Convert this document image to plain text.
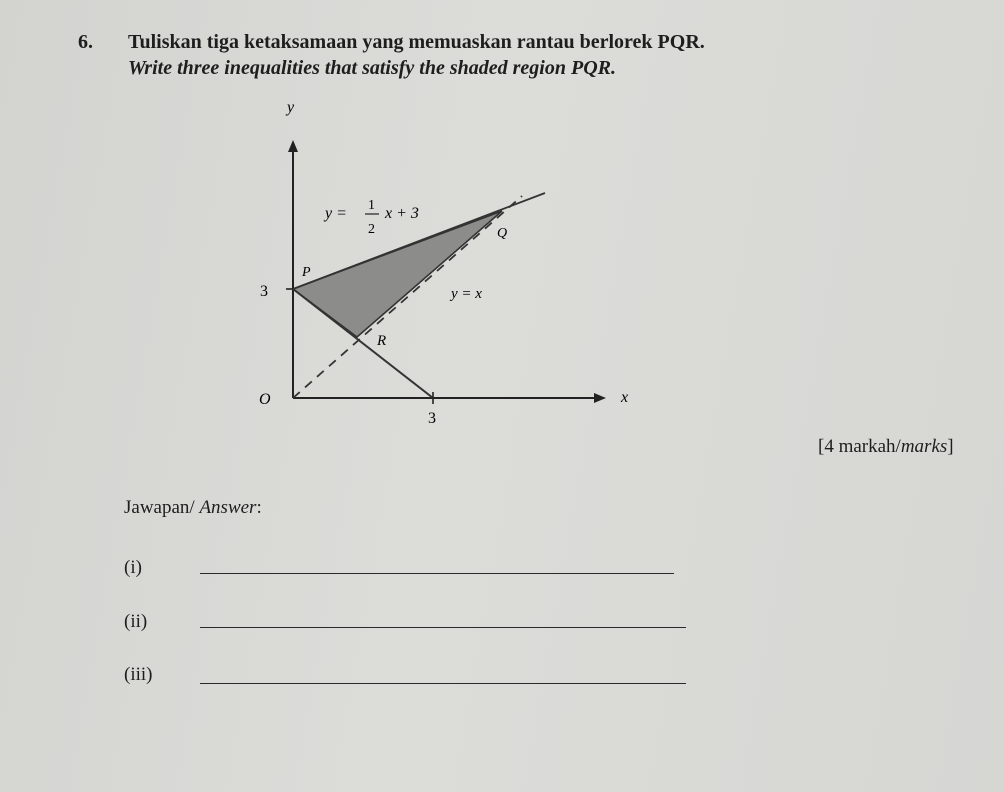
6. Tuliskan tiga ketaksamaan yang memuaskan rantau berlorek PQR.
Write three inequalities that satisfy the shaded region PQR.
y
x
O
3
3
P
Q
R
y = 1
2
x + 3
y = x
[4 markah/marks]
Jawapan/ Answer:
(i)
(ii)
(iii)
